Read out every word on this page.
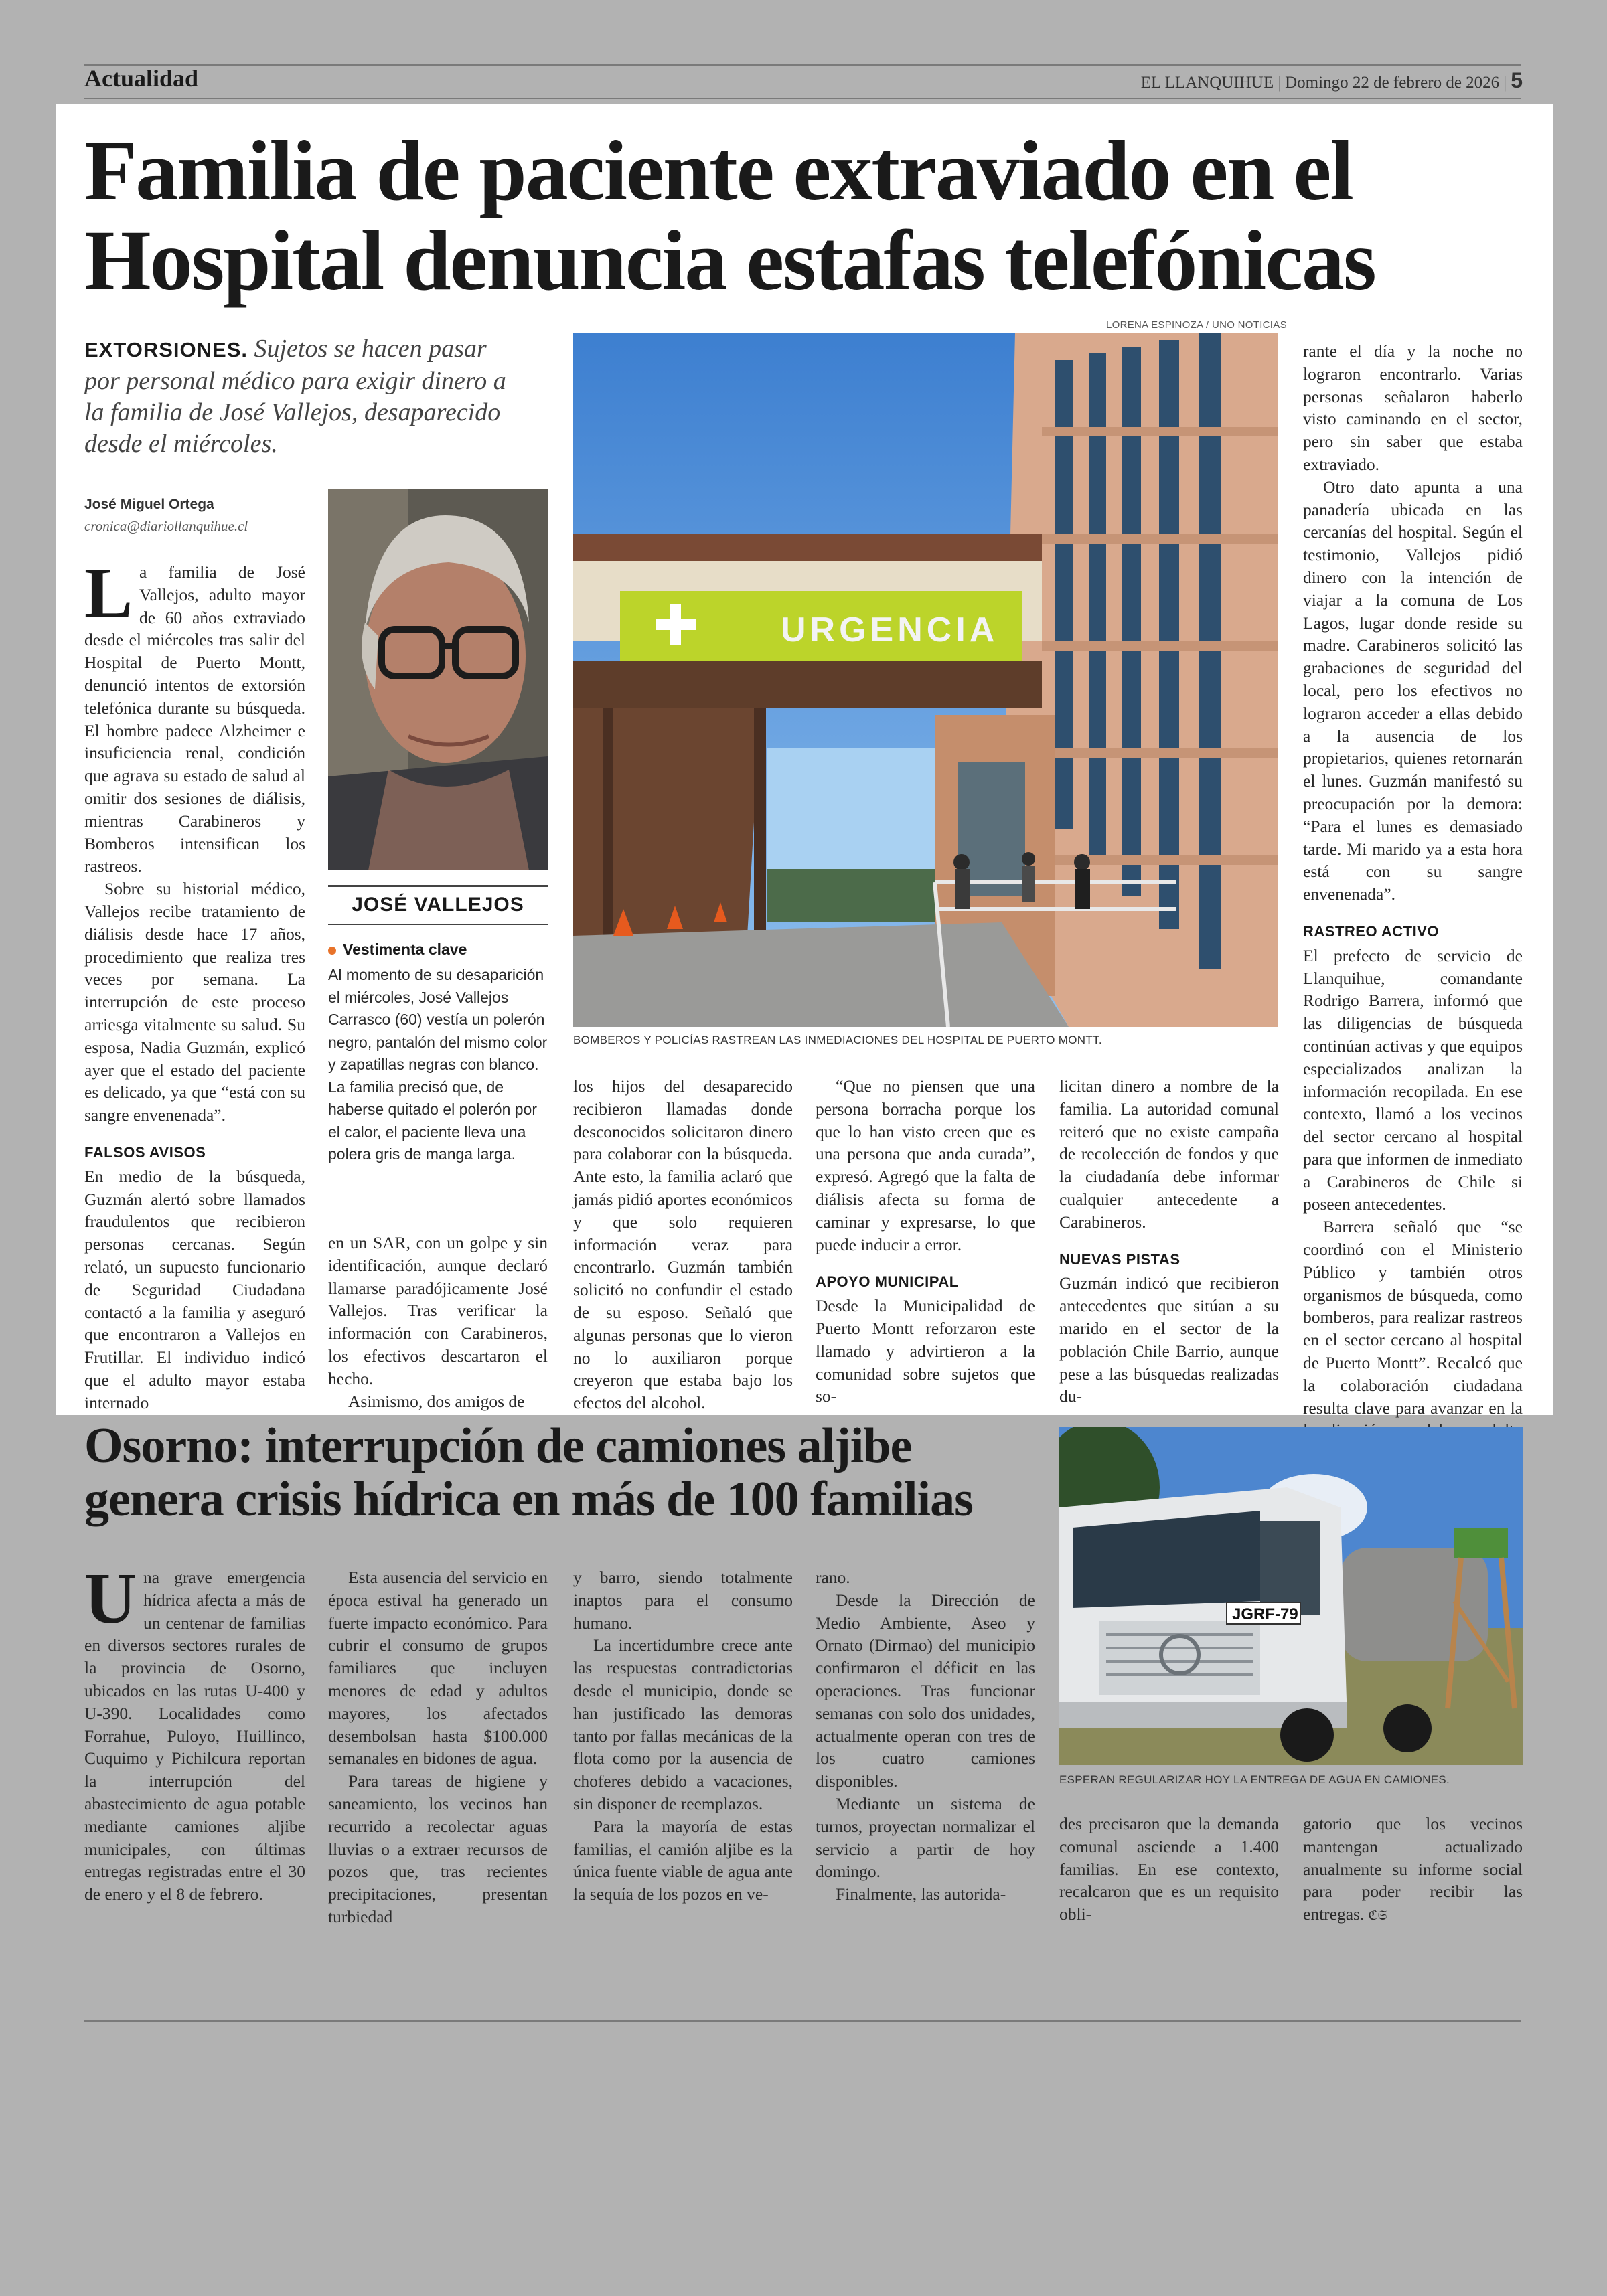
Actualidad	EL LLANQUIHUE | Domingo 22 de febrero de 2026 | 5
Familia de paciente extraviado en el Hospital denuncia estafas telefónicas
EXTORSIONES. Sujetos se hacen pasar por personal médico para exigir dinero a la familia de José Vallejos, desaparecido desde el miércoles.
José Miguel Ortega
cronica@diariollanquihue.cl
JOSÉ VALLEJOS
Vestimenta clave
Al momento de su desaparición el miércoles, José Vallejos Carrasco (60) vestía un polerón negro, pantalón del mismo color y zapatillas negras con blanco. La familia precisó que, de haberse quitado el polerón por el calor, el paciente lleva una polera gris de manga larga.
LORENA ESPINOZA / UNO NOTICIAS
URGENCIA
BOMBEROS Y POLICÍAS RASTREAN LAS INMEDIACIONES DEL HOSPITAL DE PUERTO MONTT.

La familia de José Vallejos, adulto mayor de 60 años extraviado desde el miércoles tras salir del Hospital de Puerto Montt, denunció intentos de extorsión telefónica durante su búsqueda. El hombre padece Alzheimer e insuficiencia renal, condición que agrava su estado de salud al omitir dos sesiones de diálisis, mientras Carabineros y Bomberos intensifican los rastreos.

Sobre su historial médico, Vallejos recibe tratamiento de diálisis desde hace 17 años, procedimiento que realiza tres veces por semana. La interrupción de este proceso arriesga vitalmente su salud. Su esposa, Nadia Guzmán, explicó ayer que el estado del paciente es delicado, ya que “está con su sangre envenenada”.

FALSOS AVISOS

En medio de la búsqueda, Guzmán alertó sobre llamados fraudulentos que recibieron personas cercanas. Según relató, un supuesto funcionario de Seguridad Ciudadana contactó a la familia y aseguró que encontraron a Vallejos en Frutillar. El individuo indicó que el adulto mayor estaba internado

en un SAR, con un golpe y sin identificación, aunque declaró llamarse paradójicamente José Vallejos. Tras verificar la información con Carabineros, los efectivos descartaron el hecho.

Asimismo, dos amigos de

los hijos del desaparecido recibieron llamadas donde desconocidos solicitaron dinero para colaborar con la búsqueda. Ante esto, la familia aclaró que jamás pidió aportes económicos y que solo requieren información veraz para encontrarlo. Guzmán también solicitó no confundir el estado de su esposo. Señaló que algunas personas que lo vieron no lo auxiliaron porque creyeron que estaba bajo los efectos del alcohol.

“Que no piensen que una persona borracha porque los que lo han visto creen que es una persona que anda curada”, expresó. Agregó que la falta de diálisis afecta su forma de caminar y expresarse, lo que puede inducir a error.

APOYO MUNICIPAL

Desde la Municipalidad de Puerto Montt reforzaron este llamado y advirtieron a la comunidad sobre sujetos que so-

licitan dinero a nombre de la familia. La autoridad comunal reiteró que no existe campaña de recolección de fondos y que la ciudadanía debe informar cualquier antecedente a Carabineros.

NUEVAS PISTAS

Guzmán indicó que recibieron antecedentes que sitúan a su marido en el sector de la población Chile Barrio, aunque pese a las búsquedas realizadas du-

rante el día y la noche no lograron encontrarlo. Varias personas señalaron haberlo visto caminando en el sector, pero sin saber que estaba extraviado.

Otro dato apunta a una panadería ubicada en las cercanías del hospital. Según el testimonio, Vallejos pidió dinero con la intención de viajar a la comuna de Los Lagos, lugar donde reside su madre. Carabineros solicitó las grabaciones de seguridad del local, pero los efectivos no lograron acceder a ellas debido a la ausencia de los propietarios, quienes retornarán el lunes. Guzmán manifestó su preocupación por la demora: “Para el lunes es demasiado tarde. Mi marido ya a esta hora está con su sangre envenenada”.

RASTREO ACTIVO

El prefecto de servicio de Llanquihue, comandante Rodrigo Barrera, informó que las diligencias de búsqueda continúan activas y que equipos especializados analizan la información recopilada. En ese contexto, llamó a los vecinos del sector cercano al hospital para que informen de inmediato a Carabineros de Chile si poseen antecedentes.

Barrera señaló que “se coordinó con el Ministerio Público y también otros organismos de búsqueda, como bomberos, para realizar rastreos en el sector cercano al hospital de Puerto Montt”. Recalcó que la colaboración ciudadana resulta clave para avanzar en la

Osorno: interrupción de camiones aljibe genera crisis hídrica en más de 100 familias
JGRF-79
ESPERAN REGULARIZAR HOY LA ENTREGA DE AGUA EN CAMIONES.

Una grave emergencia hídrica afecta a más de un centenar de familias en diversos sectores rurales de la provincia de Osorno, ubicados en las rutas U-400 y U-390. Localidades como Forrahue, Puloyo, Huillinco, Cuquimo y Pichilcura reportan la interrupción del abastecimiento de agua potable mediante camiones aljibe municipales, con últimas entregas registradas entre el 30 de enero y el 8 de febrero.

Esta ausencia del servicio en época estival ha generado un fuerte impacto económico. Para cubrir el consumo de grupos familiares que incluyen menores de edad y adultos mayores, los afectados desembolsan hasta $100.000 semanales en bidones de agua.

Para tareas de higiene y saneamiento, los vecinos han recurrido a recolectar aguas lluvias o a extraer recursos de pozos que, tras recientes precipitaciones, presentan turbiedad

y barro, siendo totalmente inaptos para el consumo humano.

La incertidumbre crece ante las respuestas contradictorias desde el municipio, donde se han justificado las demoras tanto por fallas mecánicas de la flota como por la ausencia de choferes debido a vacaciones, sin disponer de reemplazos.

Para la mayoría de estas familias, el camión aljibe es la única fuente viable de agua ante la sequía de los pozos en ve-

rano.

Desde la Dirección de Medio Ambiente, Aseo y Ornato (Dirmao) del municipio confirmaron el déficit en las operaciones. Tras funcionar semanas con solo dos unidades, actualmente operan con tres de los cuatro camiones disponibles.

Mediante un sistema de turnos, proyectan normalizar el servicio a partir de hoy domingo.

Finalmente, las autorida-

des precisaron que la demanda comunal asciende a 1.400 familias. En ese contexto, recalcaron que es un requisito obli-

gatorio que los vecinos mantengan actualizado anualmente su informe social para poder recibir las entregas. ℭ𝔖
